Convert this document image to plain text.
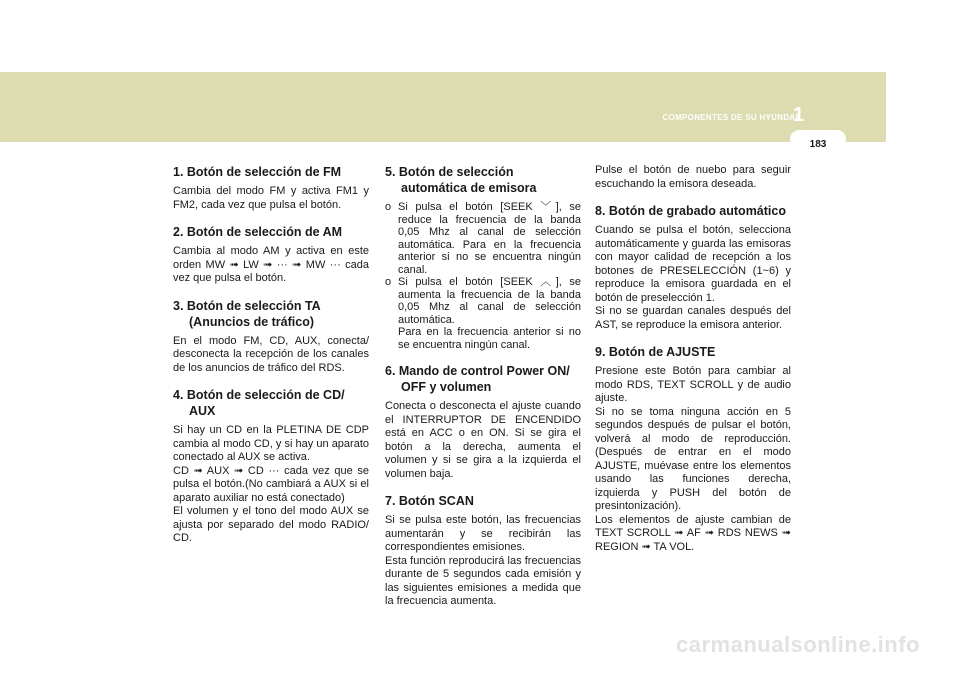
COMPONENTES DE SU HYUNDAI
1
183
1. Botón de selección de FM

Cambia del modo FM y activa FM1 y FM2, cada vez que pulsa el botón.

2. Botón de selección de AM

Cambia al modo AM y activa en este orden MW ➟ LW ➟ ··· ➟ MW ··· cada vez que pulsa el botón.

3. Botón de selección TA (Anuncios de tráfico)

En el modo FM, CD, AUX, conecta/ desconecta la recepción de los canales de los anuncios de tráfico del RDS.

4. Botón de selección de CD/ AUX

Si hay un CD en la PLETINA DE CDP cambia al modo CD, y si hay un aparato conectado al AUX se activa.
CD ➟ AUX ➟ CD ··· cada vez que se pulsa el botón.(No cambiará a AUX si el aparato auxiliar no está conectado)
El volumen y el tono del modo AUX se ajusta por separado del modo RADIO/ CD.

5. Botón de selección automática de emisora
o Si pulsa el botón [SEEK ﹀], se reduce la frecuencia de la banda 0,05 Mhz al canal de selección automática. Para en la frecuencia anterior si no se encuentra ningún canal.
o Si pulsa el botón [SEEK ︿], se aumenta la frecuencia de la banda 0,05 Mhz al canal de selección automática.
Para en la frecuencia anterior si no se encuentra ningún canal.
6. Mando de control Power ON/ OFF y volumen

Conecta o desconecta el ajuste cuando el INTERRUPTOR DE ENCENDIDO está en ACC o en ON. Si se gira el botón a la derecha, aumenta el volumen y si se gira a la izquierda el volumen baja.

7. Botón SCAN

Si se pulsa este botón, las frecuencias aumentarán y se recibirán las correspondientes emisiones.
Esta función reproducirá las frecuencias durante de 5 segundos cada emisión y las siguientes emisiones a medida que la frecuencia aumenta.

Pulse el botón de nuebo para seguir escuchando la emisora deseada.

8. Botón de grabado automático

Cuando se pulsa el botón, selecciona automáticamente y guarda las emisoras con mayor calidad de recepción a los botones de PRESELECCIÓN (1~6) y reproduce la emisora guardada en el botón de preselección 1.
Si no se guardan canales después del AST, se reproduce la emisora anterior.

9. Botón de AJUSTE

Presione este Botón para cambiar al modo RDS, TEXT SCROLL y de audio ajuste.
Si no se toma ninguna acción en 5 segundos después de pulsar el botón, volverá al modo de reproducción. (Después de entrar en el modo AJUSTE, muévase entre los elementos usando las funciones derecha, izquierda y PUSH del botón de presintonización).
Los elementos de ajuste cambian de TEXT SCROLL ➟ AF ➟ RDS NEWS ➟ REGION ➟ TA VOL.

carmanualsonline.info
